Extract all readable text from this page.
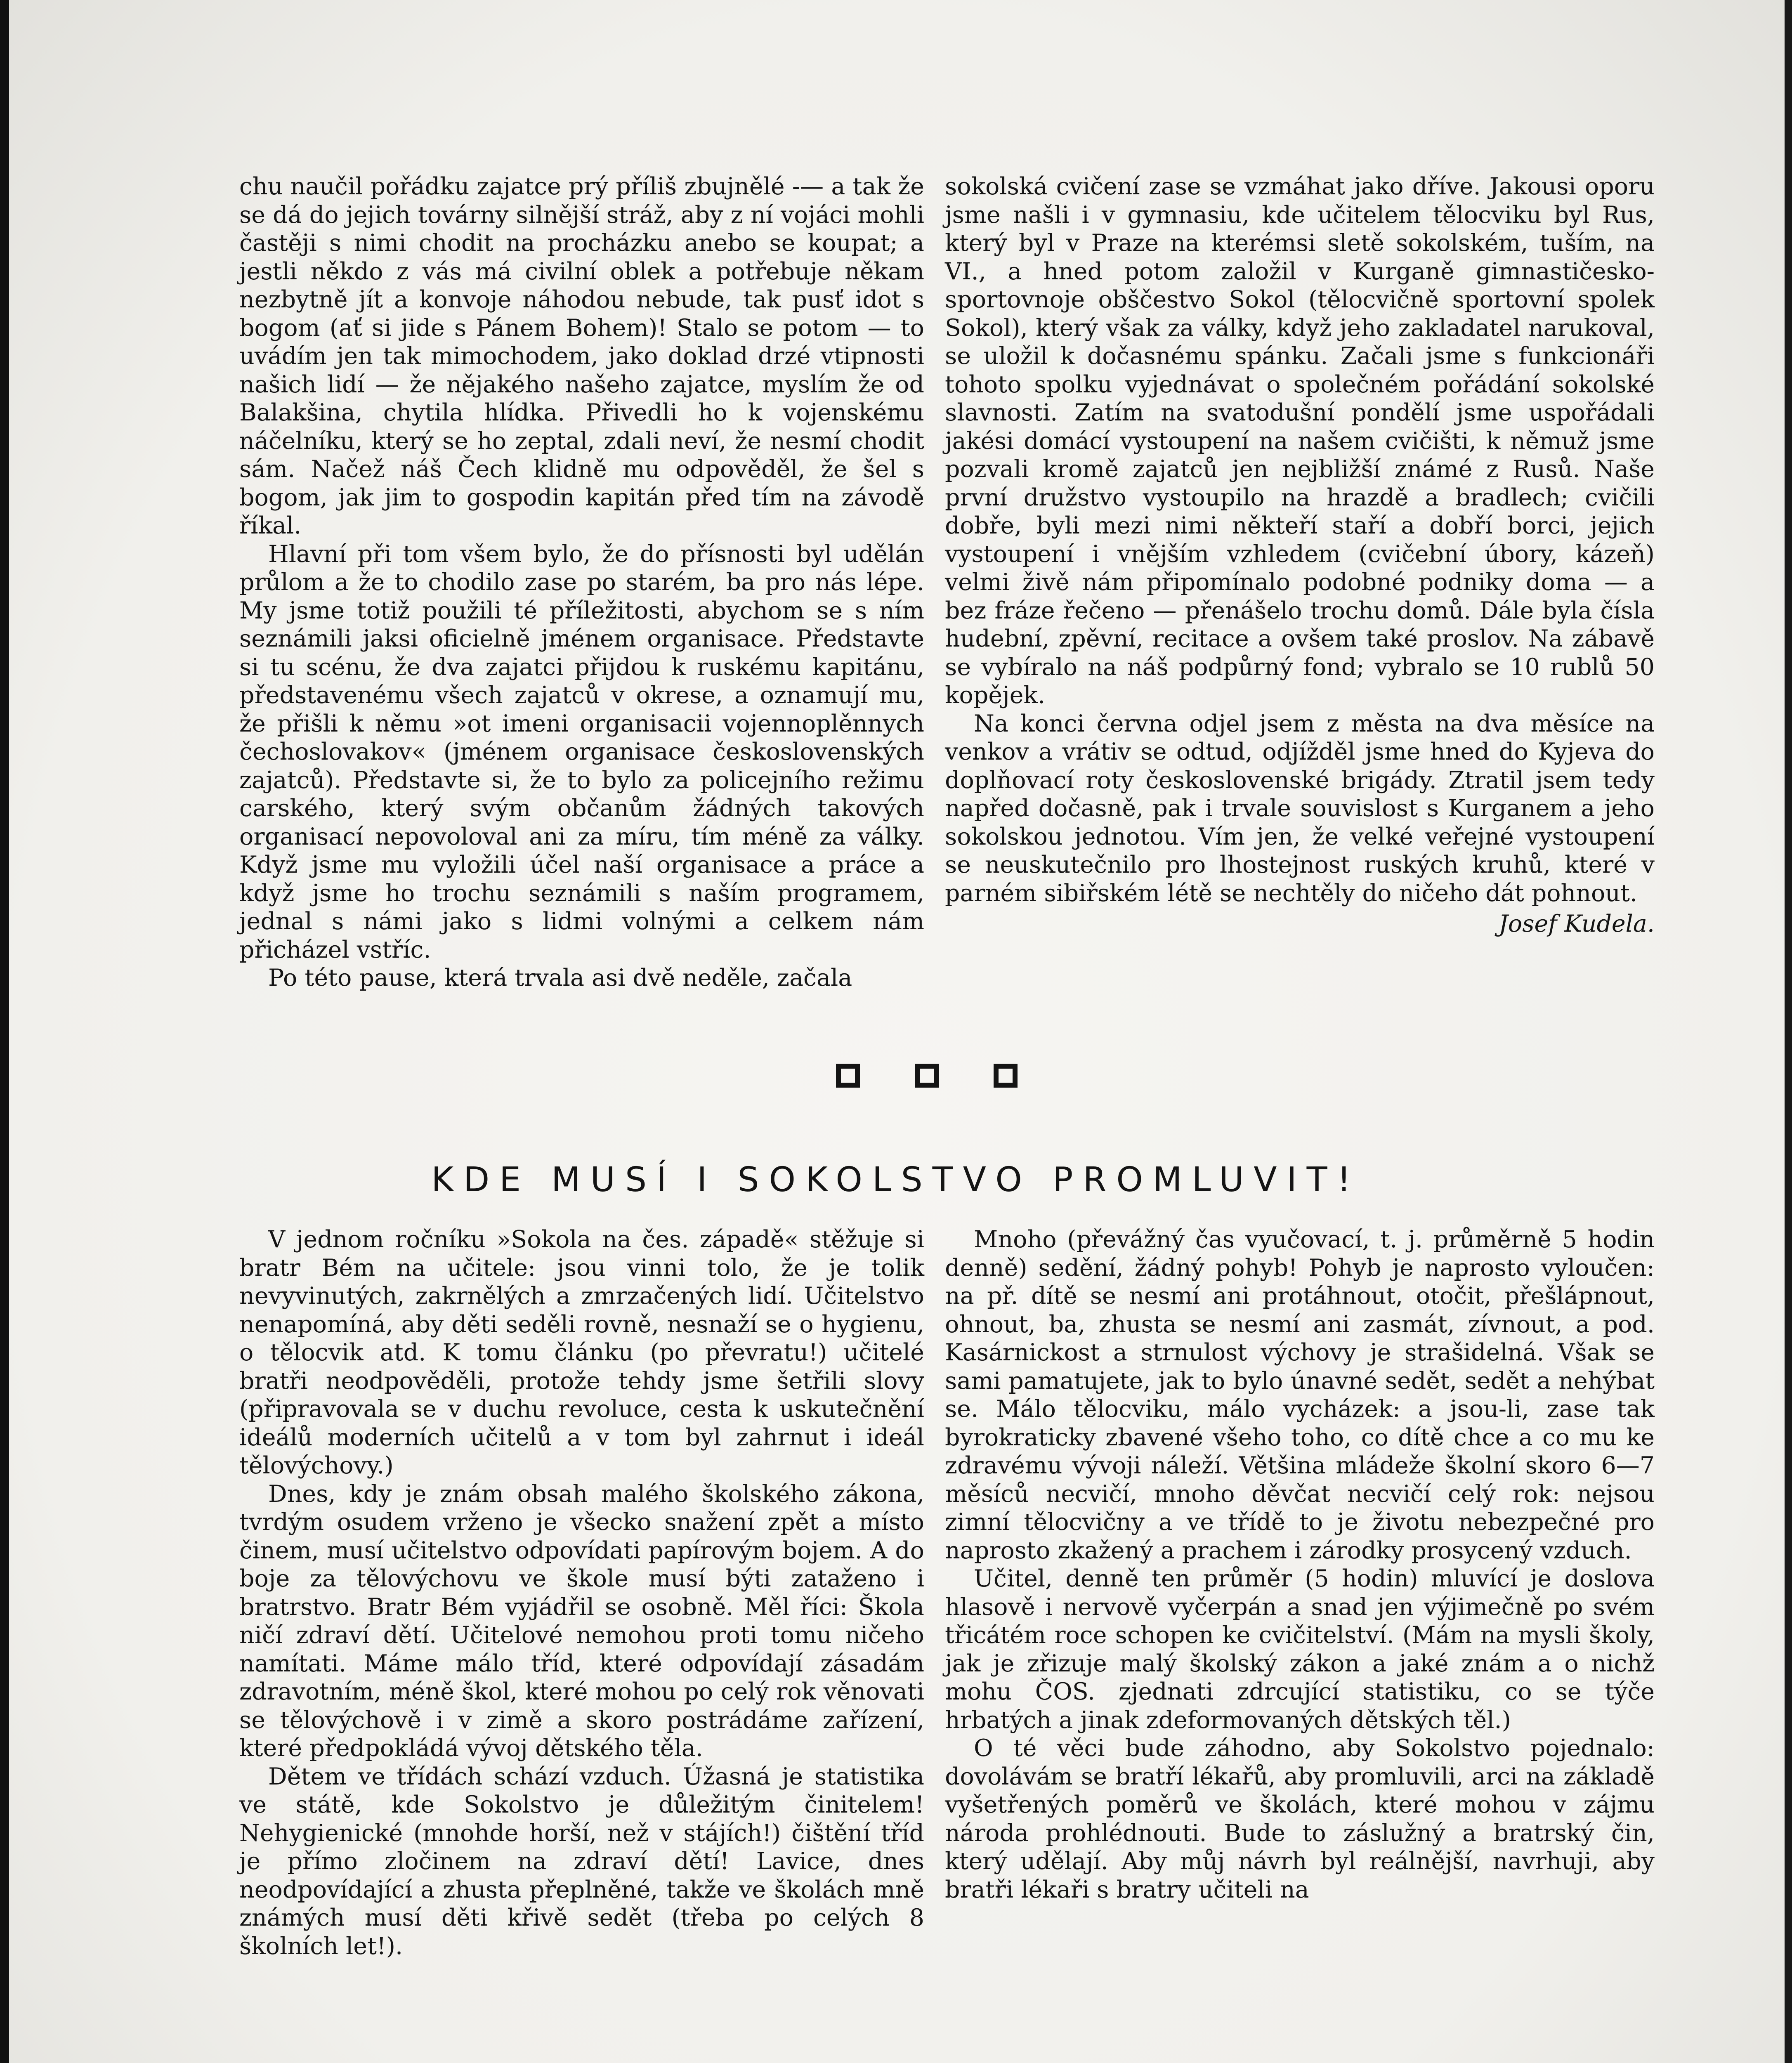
chu naučil pořádku zajatce prý příliš zbujnělé -— a tak že se dá do jejich továrny silnější stráž, aby z ní vojáci mohli častěji s nimi chodit na procházku anebo se koupat; a jestli někdo z vás má civilní oblek a potřebuje někam nezbytně jít a konvoje náhodou nebude, tak pusť idot s bogom (ať si jide s Pánem Bohem)! Stalo se potom — to uvádím jen tak mimochodem, jako doklad drzé vtipnosti našich lidí — že nějakého našeho zajatce, myslím že od Balakšina, chytila hlídka. Přivedli ho k vojenskému náčelníku, který se ho zeptal, zdali neví, že nesmí chodit sám. Načež náš Čech klidně mu odpověděl, že šel s bogom, jak jim to gospodin kapitán před tím na závodě říkal.

Hlavní při tom všem bylo, že do přísnosti byl udělán průlom a že to chodilo zase po starém, ba pro nás lépe. My jsme totiž použili té příležitosti, abychom se s ním seznámili jaksi oficielně jménem organisace. Představte si tu scénu, že dva zajatci přijdou k ruskému kapitánu, představenému všech zajatců v okrese, a oznamují mu, že přišli k němu »ot imeni organisacii vojennoplěnnych čechoslovakov« (jménem organisace československých zajatců). Představte si, že to bylo za policejního režimu carského, který svým občanům žádných takových organisací nepovoloval ani za míru, tím méně za války. Když jsme mu vyložili účel naší organisace a práce a když jsme ho trochu seznámili s naším programem, jednal s námi jako s lidmi volnými a celkem nám přicházel vstříc.

Po této pause, která trvala asi dvě neděle, začala

sokolská cvičení zase se vzmáhat jako dříve. Jakousi oporu jsme našli i v gymnasiu, kde učitelem tělocviku byl Rus, který byl v Praze na kterémsi sletě sokolském, tuším, na VI., a hned potom založil v Kurganě gimnastičesko-sportovnoje obščestvo Sokol (tělocvičně sportovní spolek Sokol), který však za války, když jeho zakladatel narukoval, se uložil k dočasnému spánku. Začali jsme s funkcionáři tohoto spolku vyjednávat o společném pořádání sokolské slavnosti. Zatím na svatodušní pondělí jsme uspořádali jakési domácí vystoupení na našem cvičišti, k němuž jsme pozvali kromě zajatců jen nejbližší známé z Rusů. Naše první družstvo vystoupilo na hrazdě a bradlech; cvičili dobře, byli mezi nimi někteří staří a dobří borci, jejich vystoupení i vnějším vzhledem (cvičební úbory, kázeň) velmi živě nám připomínalo podobné podniky doma — a bez fráze řečeno — přenášelo trochu domů. Dále byla čísla hudební, zpěvní, recitace a ovšem také proslov. Na zábavě se vybíralo na náš podpůrný fond; vybralo se 10 rublů 50 kopějek.

Na konci června odjel jsem z města na dva měsíce na venkov a vrátiv se odtud, odjížděl jsme hned do Kyjeva do doplňovací roty československé brigády. Ztratil jsem tedy napřed dočasně, pak i trvale souvislost s Kurganem a jeho sokolskou jednotou. Vím jen, že velké veřejné vystoupení se neuskutečnilo pro lhostejnost ruských kruhů, které v parném sibiřském létě se nechtěly do ničeho dát pohnout.

Josef Kudela.
KDE MUSÍ I SOKOLSTVO PROMLUVIT!

V jednom ročníku »Sokola na čes. západě« stěžuje si bratr Bém na učitele: jsou vinni tolo, že je tolik nevyvinutých, zakrnělých a zmrzačených lidí. Učitelstvo nenapomíná, aby děti seděli rovně, nesnaží se o hygienu, o tělocvik atd. K tomu článku (po převratu!) učitelé bratři neodpověděli, protože tehdy jsme šetřili slovy (připravovala se v duchu revoluce, cesta k uskutečnění ideálů moderních učitelů a v tom byl zahrnut i ideál tělovýchovy.)

Dnes, kdy je znám obsah malého školského zákona, tvrdým osudem vrženo je všecko snažení zpět a místo činem, musí učitelstvo odpovídati papírovým bojem. A do boje za tělovýchovu ve škole musí býti zataženo i bratrstvo. Bratr Bém vyjádřil se osobně. Měl říci: Škola ničí zdraví dětí. Učitelové nemohou proti tomu ničeho namítati. Máme málo tříd, které odpovídají zásadám zdravotním, méně škol, které mohou po celý rok věnovati se tělovýchově i v zimě a skoro postrádáme zařízení, které předpokládá vývoj dětského těla.

Dětem ve třídách schází vzduch. Úžasná je statistika ve státě, kde Sokolstvo je důležitým činitelem! Nehygienické (mnohde horší, než v stájích!) čištění tříd je přímo zločinem na zdraví dětí! Lavice, dnes neodpovídající a zhusta přeplněné, takže ve školách mně známých musí děti křivě sedět (třeba po celých 8 školních let!).

Mnoho (převážný čas vyučovací, t. j. průměrně 5 hodin denně) sedění, žádný pohyb! Pohyb je naprosto vyloučen: na př. dítě se nesmí ani protáhnout, otočit, přešlápnout, ohnout, ba, zhusta se nesmí ani zasmát, zívnout, a pod. Kasárnickost a strnulost výchovy je strašidelná. Však se sami pamatujete, jak to bylo únavné sedět, sedět a nehýbat se. Málo tělocviku, málo vycházek: a jsou-li, zase tak byrokraticky zbavené všeho toho, co dítě chce a co mu ke zdravému vývoji náleží. Většina mládeže školní skoro 6—7 měsíců necvičí, mnoho děvčat necvičí celý rok: nejsou zimní tělocvičny a ve třídě to je životu nebezpečné pro naprosto zkažený a prachem i zárodky prosycený vzduch.

Učitel, denně ten průměr (5 hodin) mluvící je doslova hlasově i nervově vyčerpán a snad jen výjimečně po svém třicátém roce schopen ke cvičitelství. (Mám na mysli školy, jak je zřizuje malý školský zákon a jaké znám a o nichž mohu ČOS. zjednati zdrcující statistiku, co se týče hrbatých a jinak zdeformovaných dětských těl.)

O té věci bude záhodno, aby Sokolstvo pojednalo: dovolávám se bratří lékařů, aby promluvili, arci na základě vyšetřených poměrů ve školách, které mohou v zájmu národa prohlédnouti. Bude to záslužný a bratrský čin, který udělají. Aby můj návrh byl reálnější, navrhuji, aby bratři lékaři s bratry učiteli na
